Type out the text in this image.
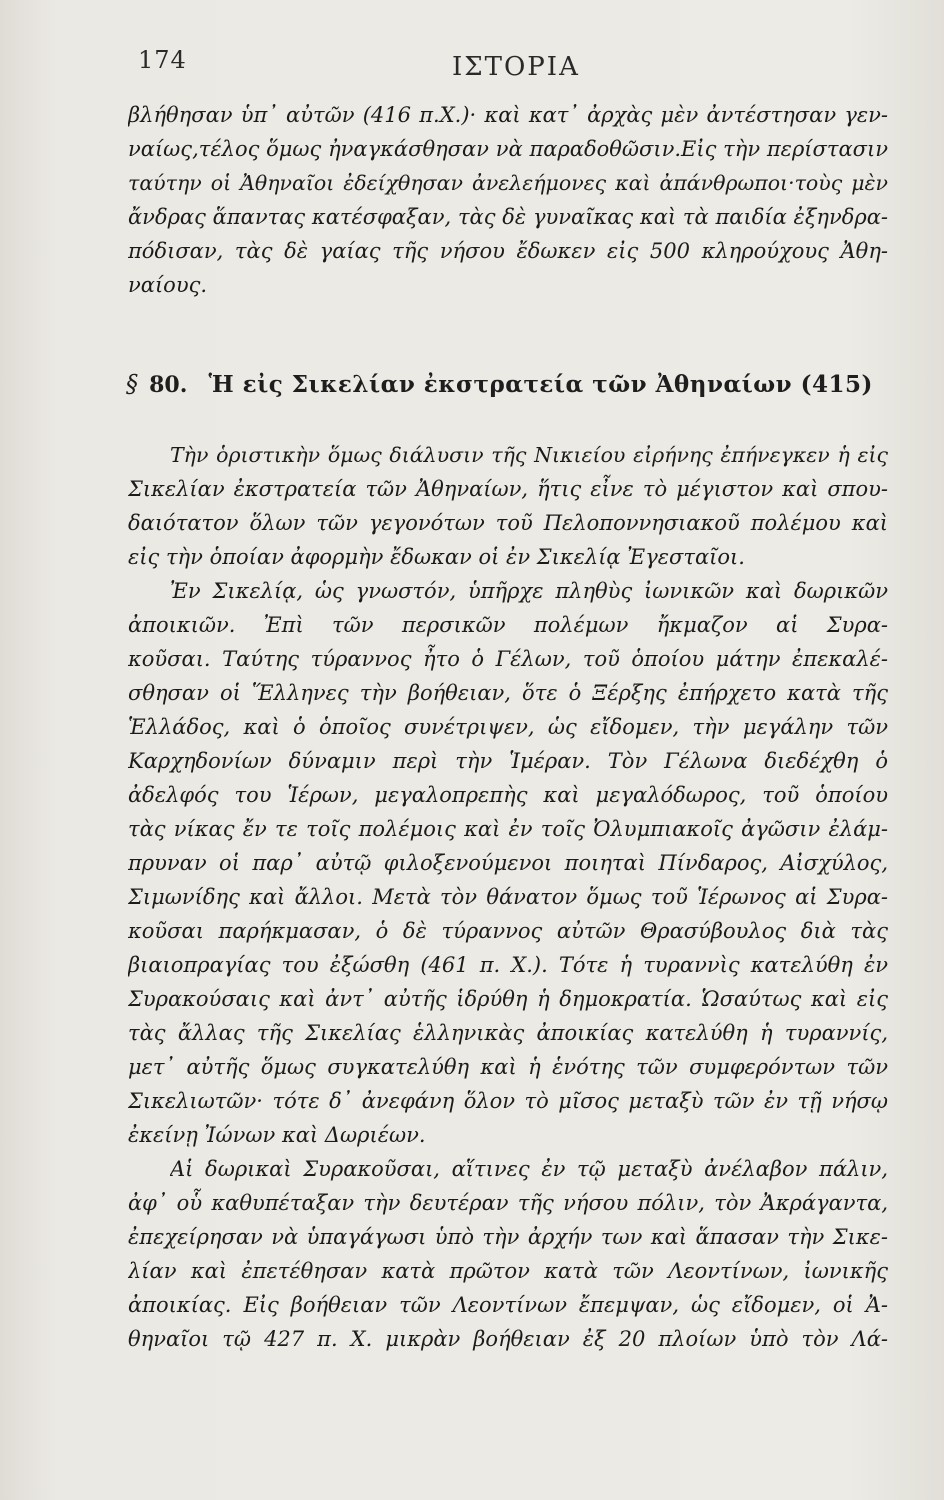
174	ΙΣΤΟΡΙΑ
βλήθησαν ὑπ᾽ αὐτῶν (416 π.Χ.)· καὶ κατ᾽ ἀρχὰς μὲν ἀντέστησαν γεν-
ναίως,τέλος ὅμως ἠναγκάσθησαν νὰ παραδοθῶσιν.Εἰς τὴν περίστασιν
ταύτην οἱ Ἀθηναῖοι ἐδείχθησαν ἀνελεήμονες καὶ ἀπάνθρωποι·τοὺς μὲν
ἄνδρας ἅπαντας κατέσφαξαν, τὰς δὲ γυναῖκας καὶ τὰ παιδία ἐξηνδρα-
πόδισαν, τὰς δὲ γαίας τῆς νήσου ἔδωκεν εἰς 500 κληρούχους Ἀθη-
ναίους.
§ 80. Ἡ εἰς Σικελίαν ἐκστρατεία τῶν Ἀθηναίων (415)
Τὴν ὁριστικὴν ὅμως διάλυσιν τῆς Νικιείου εἰρήνης ἐπήνεγκεν ἡ εἰς
Σικελίαν ἐκστρατεία τῶν Ἀθηναίων, ἥτις εἶνε τὸ μέγιστον καὶ σπου-
δαιότατον ὅλων τῶν γεγονότων τοῦ Πελοποννησιακοῦ πολέμου καὶ
εἰς τὴν ὁποίαν ἀφορμὴν ἔδωκαν οἱ ἐν Σικελίᾳ Ἐγεσταῖοι.
Ἐν Σικελίᾳ, ὡς γνωστόν, ὑπῆρχε πληθὺς ἰωνικῶν καὶ δωρικῶν
ἀποικιῶν. Ἐπὶ τῶν περσικῶν πολέμων ἤκμαζον αἱ Συρα-
κοῦσαι. Ταύτης τύραννος ἦτο ὁ Γέλων, τοῦ ὁποίου μάτην ἐπεκαλέ-
σθησαν οἱ Ἕλληνες τὴν βοήθειαν, ὅτε ὁ Ξέρξης ἐπήρχετο κατὰ τῆς
Ἑλλάδος, καὶ ὁ ὁποῖος συνέτριψεν, ὡς εἴδομεν, τὴν μεγάλην τῶν
Καρχηδονίων δύναμιν περὶ τὴν Ἱμέραν. Τὸν Γέλωνα διεδέχθη ὁ
ἀδελφός του Ἱέρων, μεγαλοπρεπὴς καὶ μεγαλόδωρος, τοῦ ὁποίου
τὰς νίκας ἔν τε τοῖς πολέμοις καὶ ἐν τοῖς Ὀλυμπιακοῖς ἀγῶσιν ἐλάμ-
πρυναν οἱ παρ᾽ αὐτῷ φιλοξενούμενοι ποιηταὶ Πίνδαρος, Αἰσχύλος,
Σιμωνίδης καὶ ἄλλοι. Μετὰ τὸν θάνατον ὅμως τοῦ Ἱέρωνος αἱ Συρα-
κοῦσαι παρήκμασαν, ὁ δὲ τύραννος αὐτῶν Θρασύβουλος διὰ τὰς
βιαιοπραγίας του ἐξώσθη (461 π. Χ.). Τότε ἡ τυραννὶς κατελύθη ἐν
Συρακούσαις καὶ ἀντ᾽ αὐτῆς ἱδρύθη ἡ δημοκρατία. Ὡσαύτως καὶ εἰς
τὰς ἄλλας τῆς Σικελίας ἑλληνικὰς ἀποικίας κατελύθη ἡ τυραννίς,
μετ᾽ αὐτῆς ὅμως συγκατελύθη καὶ ἡ ἑνότης τῶν συμφερόντων τῶν
Σικελιωτῶν· τότε δ᾽ ἀνεφάνη ὅλον τὸ μῖσος μεταξὺ τῶν ἐν τῇ νήσῳ
ἐκείνῃ Ἰώνων καὶ Δωριέων.
Αἱ δωρικαὶ Συρακοῦσαι, αἵτινες ἐν τῷ μεταξὺ ἀνέλαβον πάλιν,
ἀφ᾽ οὗ καθυπέταξαν τὴν δευτέραν τῆς νήσου πόλιν, τὸν Ἀκράγαντα,
ἐπεχείρησαν νὰ ὑπαγάγωσι ὑπὸ τὴν ἀρχήν των καὶ ἅπασαν τὴν Σικε-
λίαν καὶ ἐπετέθησαν κατὰ πρῶτον κατὰ τῶν Λεοντίνων, ἰωνικῆς
ἀποικίας. Εἰς βοήθειαν τῶν Λεοντίνων ἔπεμψαν, ὡς εἴδομεν, οἱ Ἀ-
θηναῖοι τῷ 427 π. Χ. μικρὰν βοήθειαν ἐξ 20 πλοίων ὑπὸ τὸν Λά-
